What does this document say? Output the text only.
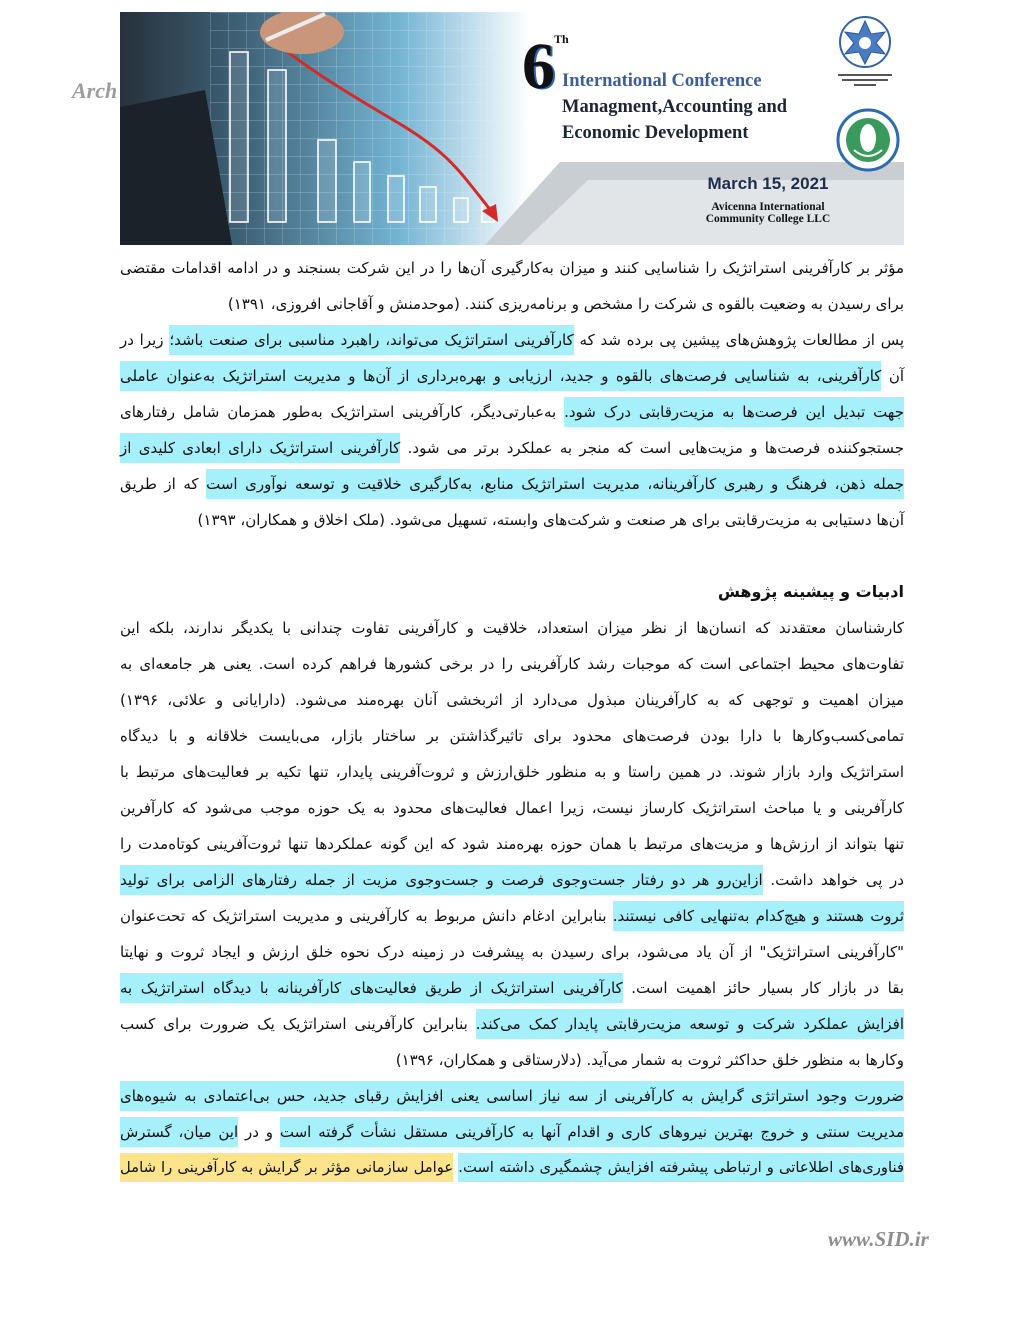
Arch	6 Th
International Conference
Managment,Accounting and
Economic Development
March 15, 2021
Avicenna International
Community College LLC
مؤثر بر کارآفرینی استراتژیک را شناسایی کنند و میزان به‌کارگیری آن‌ها را در این شرکت بسنجند و در ادامه اقدامات مقتضی
برای رسیدن به وضعیت بالقوه ی شرکت را مشخص و برنامه‌ریزی کنند. (موحدمنش و آقاجانی افروزی، ۱۳۹۱)
پس از مطالعات پژوهش‌های پیشین پی برده شد که کارآفرینی استراتژیک می‌تواند، راهبرد مناسبی برای صنعت باشد؛ زیرا در
آن کارآفرینی، به شناسایی فرصت‌های بالقوه و جدید، ارزیابی و بهره‌برداری از آن‌ها و مدیریت استراتژیک به‌عنوان عاملی
جهت تبدیل این فرصت‌ها به مزیت‌رقابتی درک شود. به‌عبارتی‌دیگر، کارآفرینی استراتژیک به‌طور همزمان شامل رفتارهای
جستجوکننده فرصت‌ها و مزیت‌هایی است که منجر به عملکرد برتر می شود. کارآفرینی استراتژیک دارای ابعادی کلیدی از
جمله ذهن، فرهنگ و رهبری کارآفرینانه، مدیریت استراتژیک منابع، به‌کارگیری خلاقیت و توسعه نوآوری است که از طریق
آن‌ها دستیابی به مزیت‌رقابتی برای هر صنعت و شرکت‌های وابسته، تسهیل می‌شود. (ملک اخلاق و همکاران، ۱۳۹۳)
ادبیات و پیشینه پژوهش
کارشناسان معتقدند که انسان‌ها از نظر میزان استعداد، خلاقیت و کارآفرینی تفاوت چندانی با یکدیگر ندارند، بلکه این
تفاوت‌های محیط اجتماعی است که موجبات رشد کارآفرینی را در برخی کشورها فراهم کرده است. یعنی هر جامعه‌ای به
میزان اهمیت و توجهی که به کارآفرینان مبذول می‌دارد از اثربخشی آنان بهره‌مند می‌شود. (دارایانی و علائی، ۱۳۹۶)
تمامی‌کسب‌وکارها با دارا بودن فرصت‌های محدود برای تاثیرگذاشتن بر ساختار بازار، می‌بایست خلاقانه و با دیدگاه
استراتژیک وارد بازار شوند. در همین راستا و به منظور خلق‌ارزش و ثروت‌آفرینی پایدار، تنها تکیه بر فعالیت‌های مرتبط با
کارآفرینی و یا مباحث استراتژیک کارساز نیست، زیرا اعمال فعالیت‌های محدود به یک حوزه موجب می‌شود که کارآفرین
تنها بتواند از ارزش‌ها و مزیت‌های مرتبط با همان حوزه بهره‌مند شود که این گونه عملکردها تنها ثروت‌آفرینی کوتاه‌مدت را
در پی خواهد داشت. ازاین‌رو هر دو رفتار جست‌وجوی فرصت و جست‌وجوی مزیت از جمله رفتارهای الزامی برای تولید
ثروت هستند و هیچ‌کدام به‌تنهایی کافی نیستند. بنابراین ادغام دانش مربوط به کارآفرینی و مدیریت استراتژیک که تحت‌عنوان
"کارآفرینی استراتژیک" از آن یاد می‌شود، برای رسیدن به پیشرفت در زمینه درک نحوه خلق ارزش و ایجاد ثروت و نهایتا
بقا در بازار کار بسیار حائز اهمیت است. کارآفرینی استراتژیک از طریق فعالیت‌های کارآفرینانه با دیدگاه استراتژیک به
افزایش عملکرد شرکت و توسعه مزیت‌رقابتی پایدار کمک می‌کند. بنابراین کارآفرینی استراتژیک یک ضرورت برای کسب
وکارها به منظور خلق حداکثر ثروت به شمار می‌آید. (دلارستاقی و همکاران، ۱۳۹۶)
ضرورت وجود استراتژی گرایش به کارآفرینی از سه نیاز اساسی یعنی افزایش رقبای جدید، حس بی‌اعتمادی به شیوه‌های
مدیریت سنتی و خروج بهترین نیروهای کاری و اقدام آنها به کارآفرینی مستقل نشأت گرفته است و در این میان، گسترش
فناوری‌های اطلاعاتی و ارتباطی پیشرفته افزایش چشمگیری داشته است. عوامل سازمانی مؤثر بر گرایش به کارآفرینی را شامل
www.SID.ir
